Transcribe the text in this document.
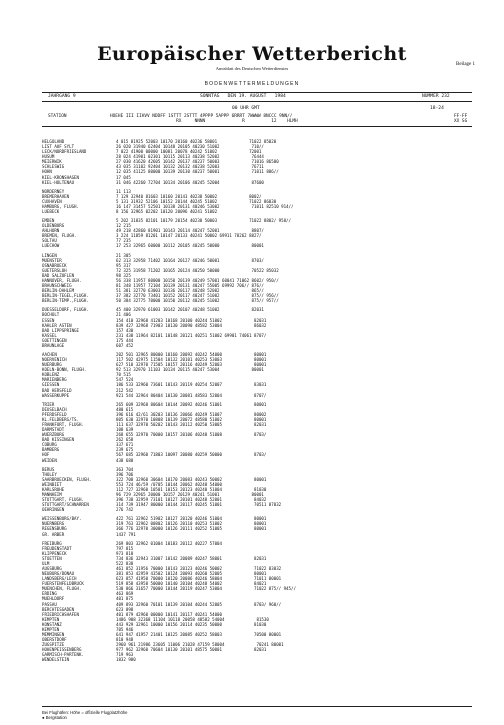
Europäischer Wetterbericht
Amtsblatt des Deutschen Wetterdienstes
Beilage 1
BODENWETTERMELDUNGEN
JAHRGANG 9	SONNTAG   DEN 19. AUGUST   1984	NUMMER 232
00 UHR GMT	18-24
STATION	HOEHE III IIHVV NDDFF 1STTT 2STTT 4PPPP 5APPP 6RRRT 7WWWW 8NCCC 9NN//
RX     NNNN              R          12    HLMH
FF-FF
XX SG
HELGOLAND	4 015 81925 52003 10170 20160 40236 58001             71022 85020
LIST AUF SYLT	26 020 31940 62404 10148 20105 40230 51002             710//
LECK/NORDFRIESLAND	7 022 41900 00000 10081 20078 40242 51002             72001
HUSUM	28 024 41901 02301 10115 20113 40238 52002             76444
MEIERWIK	27 030 41620 42605 10142 20137 40237 50003             71016 86500
SCHLESWIG	43 035 31102 92404 10132 20132 40238 52003             76711
HOHN	12 035 41125 80000 10139 20130 40237 50001             71011 886//
KIEL-KRONSHAGEN	17 045
KIEL-HOLTENAU	31 046 42260 72704 10134 20106 40245 52004             87600
NORDERNEY	11 113
BREMERHAVEN	7 129 32940 81603 10160 20143 40238 50002             8002/
CUXHAVEN	5 131 31932 52106 10152 20144 40245 51002             71022 86030
HAMBURG, FLUGH.	16 147 31457 52501 10138 20131 40246 53002             71011 82510 914//
LUEBECK	8 156 32965 02202 10120 20096 40241 51002
EMDEN	5 202 31835 82101 10179 20154 40238 50003             71022 8802/ 958//
OLDENBURG	12 215
AHLHORN	49 218 42860 81901 10143 20114 40247 52001             8807/
BREMEN, FLUGH.	3 224 11859 81201 10147 20133 40241 50002 69911 78262 8827/
SOLTAU	77 235
LUECHOW	17 253 32965 60000 10112 20105 40245 50000             80001
LINGEN	21 305
MUENSTER	62 313 32958 71402 10164 20127 40246 50001             8703/
OSNABRUECK	95 317
GUETERSLOH	72 325 31958 71202 10165 20124 40250 50000             70522 85032
BAD SALZUFLEN	98 325
HANNOVER, FLUGH.	56 338 11957 80000 10150 20139 40249 57001 60041 71062 8602/ 950//
BRAUNSCHWEIG	81 348 11957 72104 10139 20131 40247 55005 69992 706// 876//
BERLIN-DAHLEM	51 381 32770 63003 10136 20117 40248 52002             865//
BERLIN-TEGEL,FLUGH.	37 382 32770 73401 10152 20117 40247 51002             875// 956//
BERLIN-TEMP.,FLUGH.	50 384 32775 70000 10150 20112 40245 51002             875// 957//
DUESSELDORF, FLUGH.	45 400 32970 61003 10142 20107 40248 51002             82031
BOCHOLT	21 406
ESSEN	154 410 32968 41203 10168 20100 40244 51002             82031
KAHLER ASTEN	839 427 32968 71903 10130 20090 48582 53004             86032
BAD LIPPSPRINGE	157 430
KASSEL	231 438 11964 82101 10148 20121 40251 51002 69901 74061 8707/
GOETTINGEN	175 444
BRAUNLAGE	607 452
AACHEN	202 501 32965 80000 10160 20092 40242 54000             80001
NOERVENICH	117 502 42975 11504 10132 20101 40253 53003             80001
NUERBURG	627 510 32970 71505 10157 20116 40249 52003             80001
KOELN-BONN, FLUGH.	92 513 32970 11103 10134 20115 40247 53004             80001
KOBLENZ	70 515
MARIENBERG	547 524
GIESSEN	186 533 32960 73601 10143 20119 40254 52007             83031
BAD HERSFELD	212 542
WASSERKUPPE	921 544 32964 80404 10130 20081 48583 52004             8707/
TRIER	265 609 32968 80604 10144 20092 40246 51001             80001
DEUSELBACH	480 615
PFERDSFELD	396 616 42/61 30203 10136 20066 40249 51007             80002
KL.FELDBERG/TS.	805 630 32970 10808 10139 20072 48580 51002             80001
FRANKFURT, FLUGH.	111 637 32970 50202 10143 20112 40250 53005             82031
DARMSTADT	108 639
WUERZBURG	268 655 32970 70000 10157 20106 40248 51008             8703/
BAD KISSINGEN	262 658
COBURG	337 671
BAMBERG	239 675
HOF	567 685 32960 71803 10097 20080 40259 50000             8703/
WEIDEN	438 688
BERUS	363 704
THOLEY	396 706
SAARBRUECKEN, FLUGH.	322 708 32960 30604 10170 20083 40243 50002             80001
WEINBIET	553 724 46/59 /0705 10144 20062 40248 54000
KARLSRUHE	112 727 32960 10501 10153 20123 40240 51004             81030
MANNHEIM	96 729 32965 20000 10157 20129 40241 51001             80001
STUTTGART, FLUGH.	396 738 32959 73101 10127 20101 40248 52001             84032
STUTTGART/SCHNARREN	314 739 31947 80000 10144 20117 40245 51001             70511 87032
OEHRINGEN	276 742
WEISSENBURG/BAY.	422 761 32962 51902 10127 20120 40246 51004             80001
NUERNBERG	319 763 32962 00802 10126 20110 40253 51002             80001
REGENSBURG	366 776 32970 30000 10126 20111 40252 51005             80001
GR. ARBER	1437 791
FREIBURG	269 803 32962 01004 10183 20112 40227 57004
FREUDENSTADT	797 815
KLIPPENECK	973 818
STOETTEN	734 836 32943 31007 10142 20089 40247 58001             82031
ULM	522 838
AUGSBURG	461 852 31956 70000 10143 20123 40246 50002             71022 83032
NEUBURG/DONAU	381 853 42959 43502 10124 20093 40260 52005             80001
LANDSBERG/LECH	623 857 41950 70000 10120 20086 40246 58004             71011 80001
FUERSTENFELDBRUCK	519 858 43958 50000 10140 20104 40248 54002             84021
MUENCHEN, FLUGH.	530 866 31657 70000 10144 20119 40247 53004             71022 875// 945//
ERDING	463 869
MUEHLDORF	401 875
PASSAU	409 893 32960 70101 10139 20104 40244 52005             8703/ 960//
BERCHTESGADEN	623 898
FRIEDRICHSHAFEN	401 879 42960 00000 10141 20117 40241 54000
KEMPTEN	1486 908 32368 11104 10118 20058 48582 54004             81530
KONSTANZ	443 929 32961 10000 10156 20114 40235 50000             81030
KEMPTEN	705 946
MEMMINGEN	641 947 41957 21401 10125 20085 40252 58003             70500 80001
OBERSTDORF	810 948
ZUGSPITZE	2960 961 21986 23605 11006 21028 47159 58004             70241 80001
HOHENPEISSENBERG	977 962 32960 70604 10130 20101 48575 50001             82031
GARMISCH-PARTENK.	719 963
WENDELSTEIN	1832 980
Bei Flughäfen: Höhe = offizielle Flugplatzhöhe
● Bergstation
